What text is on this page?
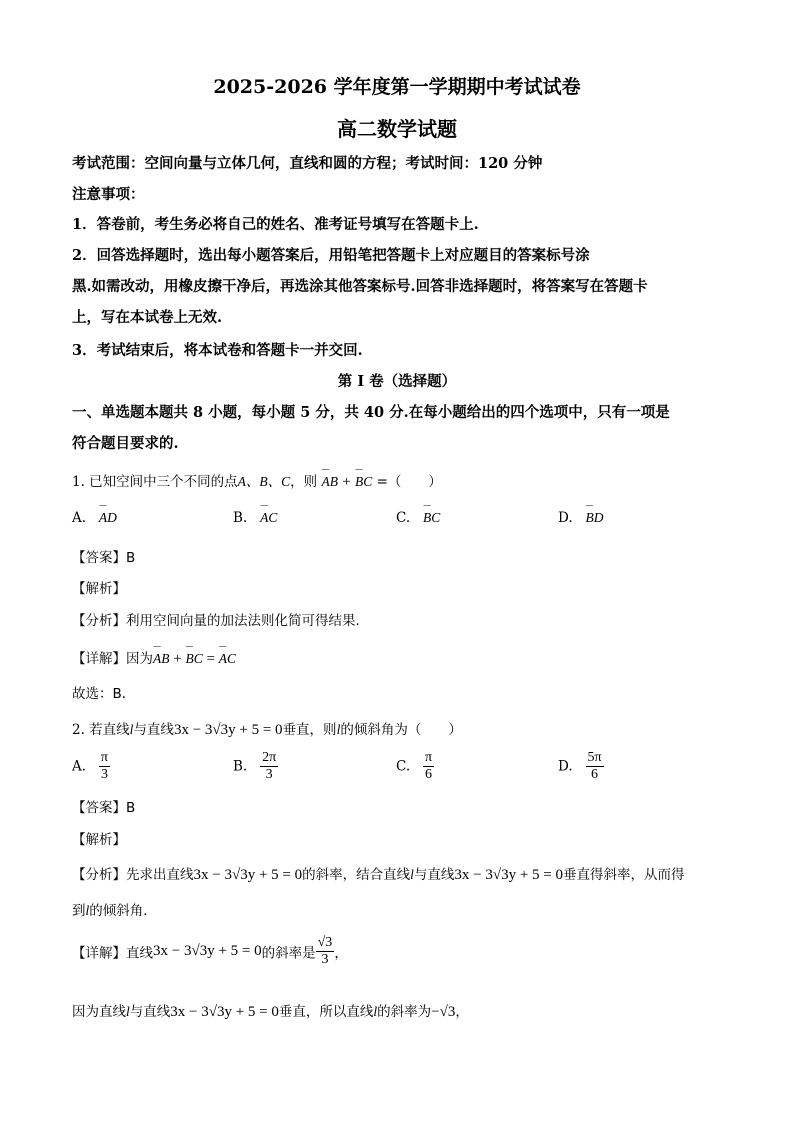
2025-2026 学年度第一学期期中考试试卷
高二数学试题
考试范围：空间向量与立体几何，直线和圆的方程；考试时间：120 分钟
注意事项：
1．答卷前，考生务必将自己的姓名、准考证号填写在答题卡上.
2．回答选择题时，选出每小题答案后，用铅笔把答题卡上对应题目的答案标号涂
黑.如需改动，用橡皮擦干净后，再选涂其他答案标号.回答非选择题时，将答案写在答题卡
上，写在本试卷上无效.
3．考试结束后，将本试卷和答题卡一并交回.
第 I 卷（选择题）
一、单选题本题共 8 小题，每小题 5 分，共 40 分.在每小题给出的四个选项中，只有一项是
符合题目要求的.
1. 已知空间中三个不同的点A、B、C，则 ⌢⌢ AB + ⌢⌢ BC =（　　）
A. ⌢⌢ AD	B. ⌢⌢ AC	C. ⌢⌢ BC	D. ⌢⌢ BD
【答案】B
【解析】
【分析】利用空间向量的加法法则化简可得结果．
【详解】因为⌢⌢ AB + ⌢⌢ BC = ⌢⌢ AC
故选：B．
2. 若直线l与直线3x − 3√3y + 5 = 0垂直，则l的倾斜角为（　　）
A. $\frac{\pi}{3}$	B. $\frac{2\pi}{3}$	C. $\frac{\pi}{6}$	D. $\frac{5\pi}{6}$
【答案】B
【解析】
【分析】先求出直线3x − 3√3y + 5 = 0的斜率，结合直线l与直线3x − 3√3y + 5 = 0垂直得斜率，从而得
到l的倾斜角．
【详解】直线3x − 3√3y + 5 = 0的斜率是 $\frac{√3}{3}$ ，
因为直线l与直线3x − 3√3y + 5 = 0垂直，所以直线l的斜率为−√3，
